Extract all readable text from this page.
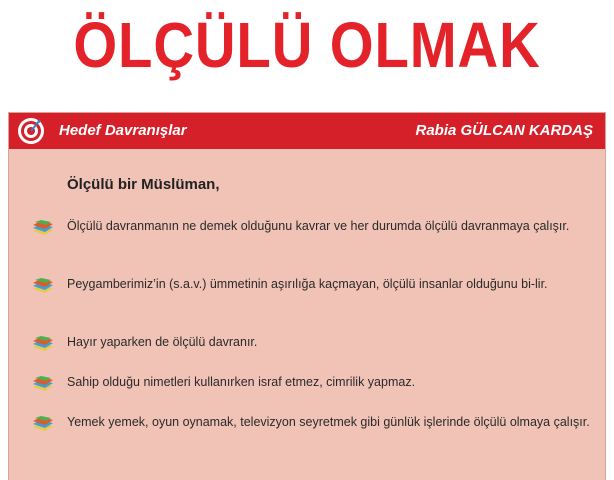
ÖLÇÜLÜ OLMAK
Hedef Davranışlar	Rabia GÜLCAN KARDAŞ
Ölçülü bir Müslüman,
Ölçülü davranmanın ne demek olduğunu kavrar ve her durumda ölçülü davranmaya çalışır.
Peygamberimiz’in (s.a.v.) ümmetinin aşırılığa kaçmayan, ölçülü insanlar olduğunu bi-lir.
Hayır yaparken de ölçülü davranır.
Sahip olduğu nimetleri kullanırken israf etmez, cimrilik yapmaz.
Yemek yemek, oyun oynamak, televizyon seyretmek gibi günlük işlerinde ölçülü olmaya çalışır.
